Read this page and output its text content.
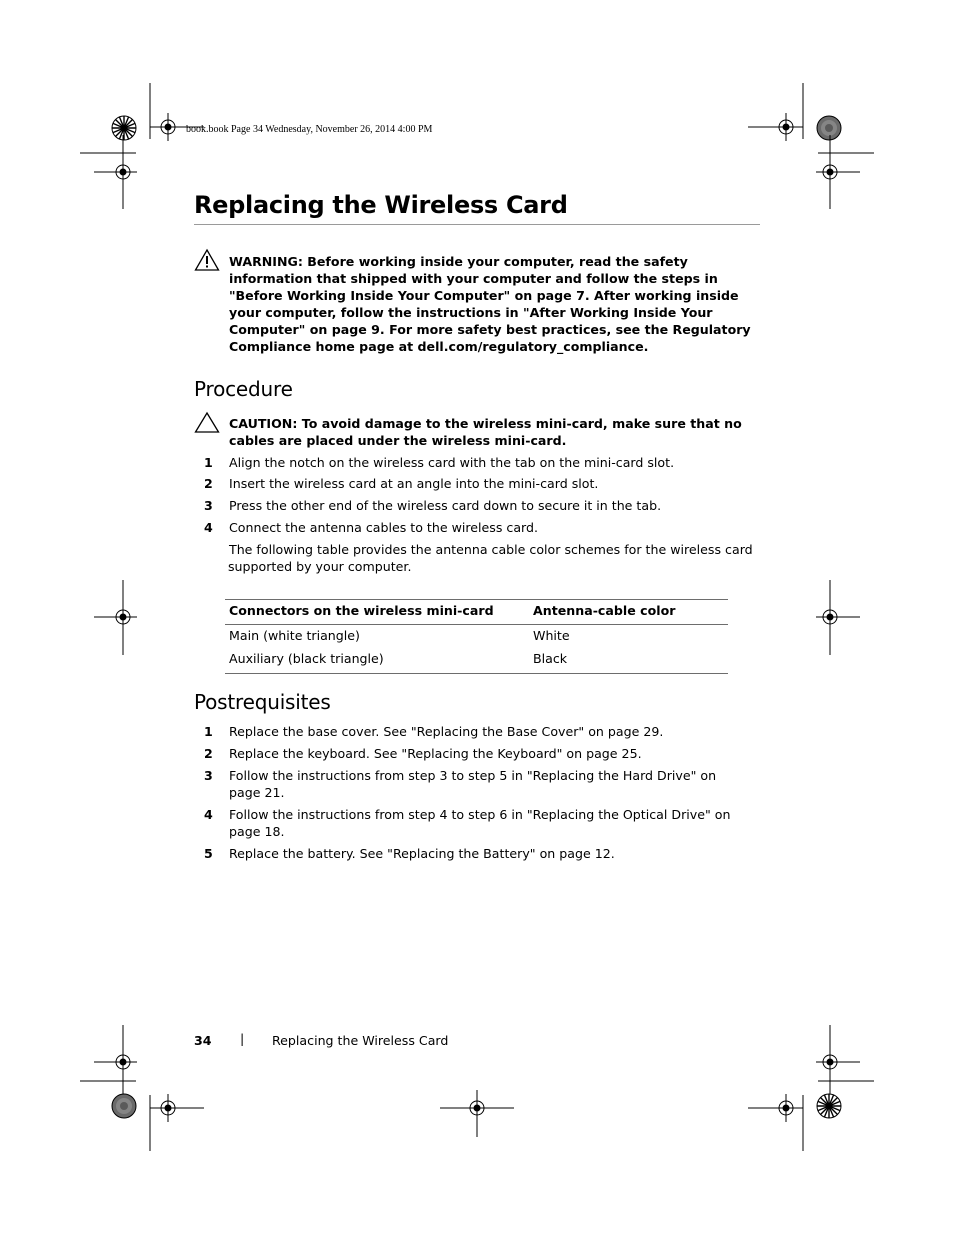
book.book Page 34 Wednesday, November 26, 2014 4:00 PM
Replacing the Wireless Card
WARNING: Before working inside your computer, read the safety information that shipped with your computer and follow the steps in "Before Working Inside Your Computer" on page 7. After working inside your computer, follow the instructions in "After Working Inside Your Computer" on page 9. For more safety best practices, see the Regulatory Compliance home page at dell.com/regulatory_compliance.
Procedure
CAUTION: To avoid damage to the wireless mini-card, make sure that no cables are placed under the wireless mini-card.
1 Align the notch on the wireless card with the tab on the mini-card slot.
2 Insert the wireless card at an angle into the mini-card slot.
3 Press the other end of the wireless card down to secure it in the tab.
4 Connect the antenna cables to the wireless card.
The following table provides the antenna cable color schemes for the wireless card
supported by your computer.
Connectors on the wireless mini-card	Antenna-cable color
Main (white triangle)	White
Auxiliary (black triangle)	Black
Postrequisites
1 Replace the base cover. See "Replacing the Base Cover" on page 29.
2 Replace the keyboard. See "Replacing the Keyboard" on page 25.
3 Follow the instructions from step 3 to step 5 in "Replacing the Hard Drive" on page 21.
4 Follow the instructions from step 4 to step 6 in "Replacing the Optical Drive" on page 18.
5 Replace the battery. See "Replacing the Battery" on page 12.
34 | Replacing the Wireless Card
